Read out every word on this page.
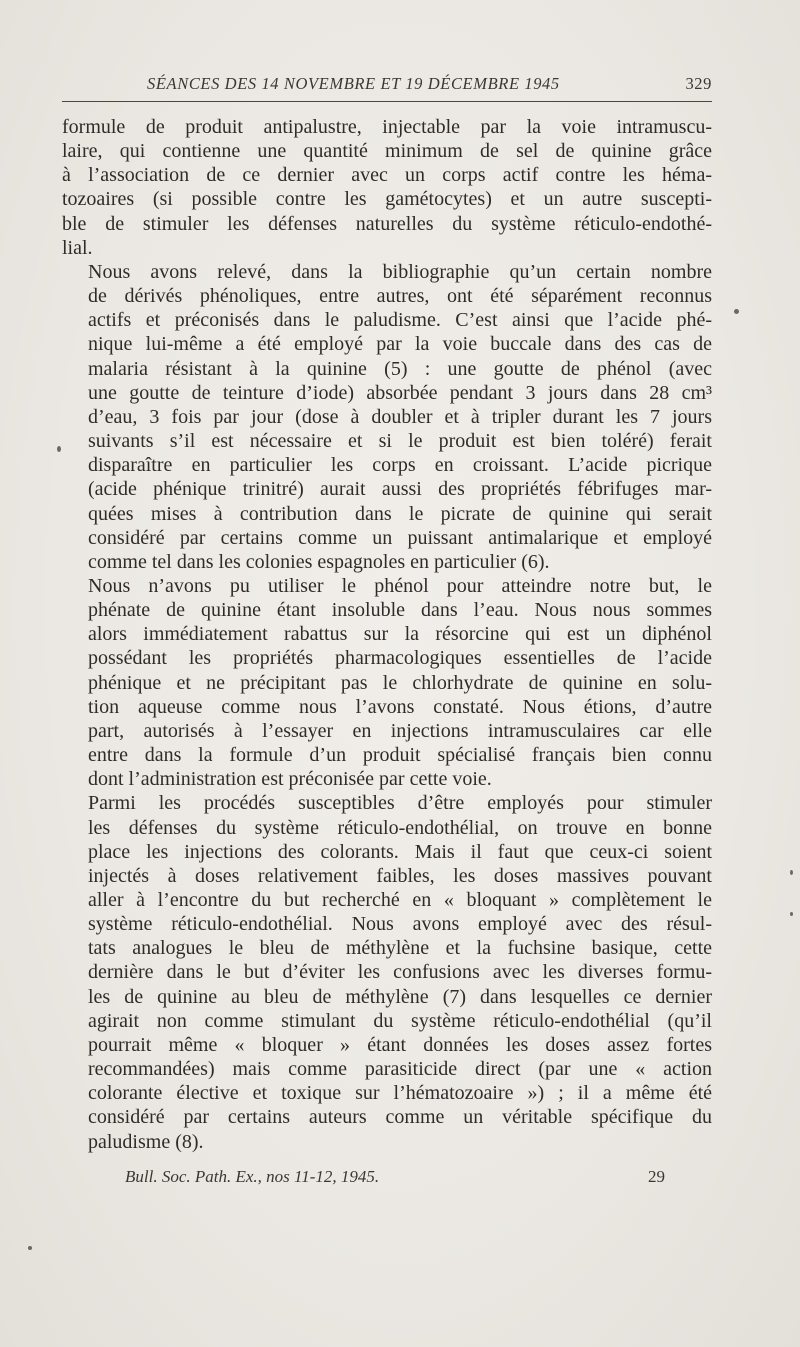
SÉANCES DES 14 NOVEMBRE ET 19 DÉCEMBRE 1945	329

formule de produit antipalustre, injectable par la voie intramuscu-
laire, qui contienne une quantité minimum de sel de quinine grâce
à l’association de ce dernier avec un corps actif contre les héma-
tozoaires (si possible contre les gamétocytes) et un autre suscepti-
ble de stimuler les défenses naturelles du système réticulo-endothé-
lial.

Nous avons relevé, dans la bibliographie qu’un certain nombre
de dérivés phénoliques, entre autres, ont été séparément reconnus
actifs et préconisés dans le paludisme. C’est ainsi que l’acide phé-
nique lui-même a été employé par la voie buccale dans des cas de
malaria résistant à la quinine (5) : une goutte de phénol (avec
une goutte de teinture d’iode) absorbée pendant 3 jours dans 28 cm³
d’eau, 3 fois par jour (dose à doubler et à tripler durant les 7 jours
suivants s’il est nécessaire et si le produit est bien toléré) ferait
disparaître en particulier les corps en croissant. L’acide picrique
(acide phénique trinitré) aurait aussi des propriétés fébrifuges mar-
quées mises à contribution dans le picrate de quinine qui serait
considéré par certains comme un puissant antimalarique et employé
comme tel dans les colonies espagnoles en particulier (6).

Nous n’avons pu utiliser le phénol pour atteindre notre but, le
phénate de quinine étant insoluble dans l’eau. Nous nous sommes
alors immédiatement rabattus sur la résorcine qui est un diphénol
possédant les propriétés pharmacologiques essentielles de l’acide
phénique et ne précipitant pas le chlorhydrate de quinine en solu-
tion aqueuse comme nous l’avons constaté. Nous étions, d’autre
part, autorisés à l’essayer en injections intramusculaires car elle
entre dans la formule d’un produit spécialisé français bien connu
dont l’administration est préconisée par cette voie.

Parmi les procédés susceptibles d’être employés pour stimuler
les défenses du système réticulo-endothélial, on trouve en bonne
place les injections des colorants. Mais il faut que ceux-ci soient
injectés à doses relativement faibles, les doses massives pouvant
aller à l’encontre du but recherché en « bloquant » complètement le
système réticulo-endothélial. Nous avons employé avec des résul-
tats analogues le bleu de méthylène et la fuchsine basique, cette
dernière dans le but d’éviter les confusions avec les diverses formu-
les de quinine au bleu de méthylène (7) dans lesquelles ce dernier
agirait non comme stimulant du système réticulo-endothélial (qu’il
pourrait même « bloquer » étant données les doses assez fortes
recommandées) mais comme parasiticide direct (par une « action
colorante élective et toxique sur l’hématozoaire ») ; il a même été
considéré par certains auteurs comme un véritable spécifique du
paludisme (8).

Bull. Soc. Path. Ex., nos 11-12, 1945.	29
